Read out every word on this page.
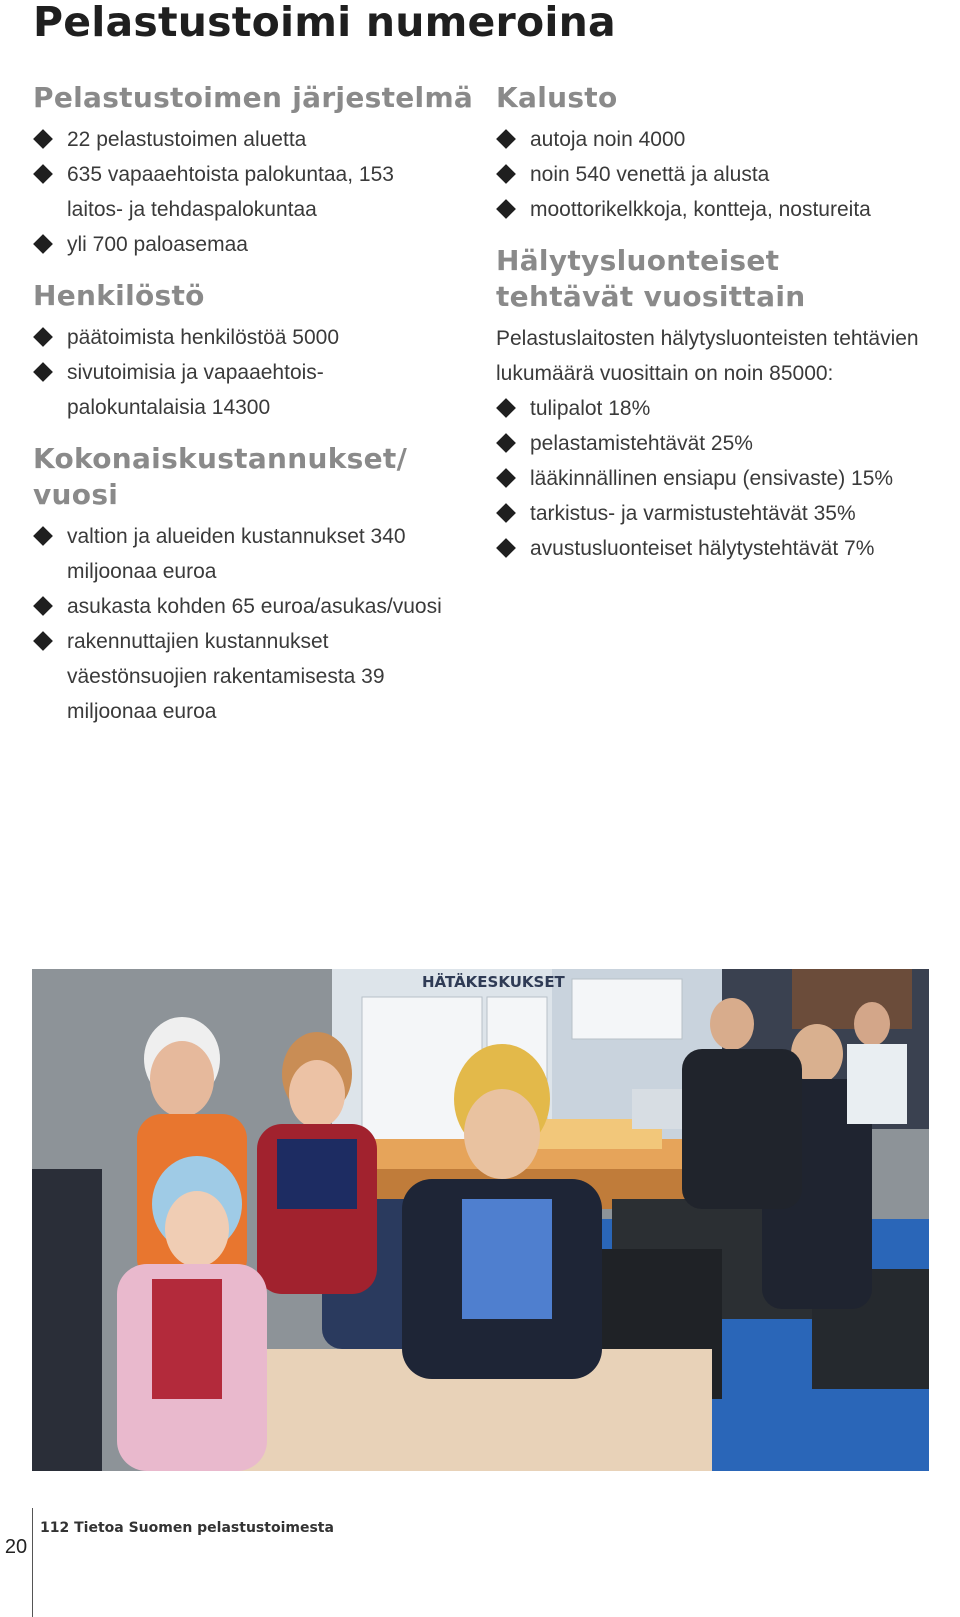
Pelastustoimi numeroina
Pelastustoimen järjestelmä
22 pelastustoimen aluetta
635 vapaaehtoista palokuntaa, 153 laitos- ja tehdaspalokuntaa
yli 700 paloasemaa
Henkilöstö
päätoimista henkilöstöä 5000
sivutoimisia ja vapaaehtois- palokuntalaisia 14300
Kokonaiskustannukset/ vuosi
valtion ja alueiden kustannukset 340 miljoonaa euroa
asukasta kohden 65 euroa/asukas/vuosi
rakennuttajien kustannukset väestönsuojien rakentamisesta 39 miljoonaa euroa
Kalusto
autoja noin 4000
noin 540 venettä ja alusta
moottorikelkkoja, kontteja, nostureita
Hälytysluonteiset tehtävät vuosittain

Pelastuslaitosten hälytysluonteisten tehtävien lukumäärä vuosittain on noin 85000:

tulipalot 18%
pelastamistehtävät 25%
lääkinnällinen ensiapu (ensivaste) 15%
tarkistus- ja varmistustehtävät 35%
avustusluonteiset hälytystehtävät 7%
HÄTÄKESKUKSET
20
112 Tietoa Suomen pelastustoimesta
